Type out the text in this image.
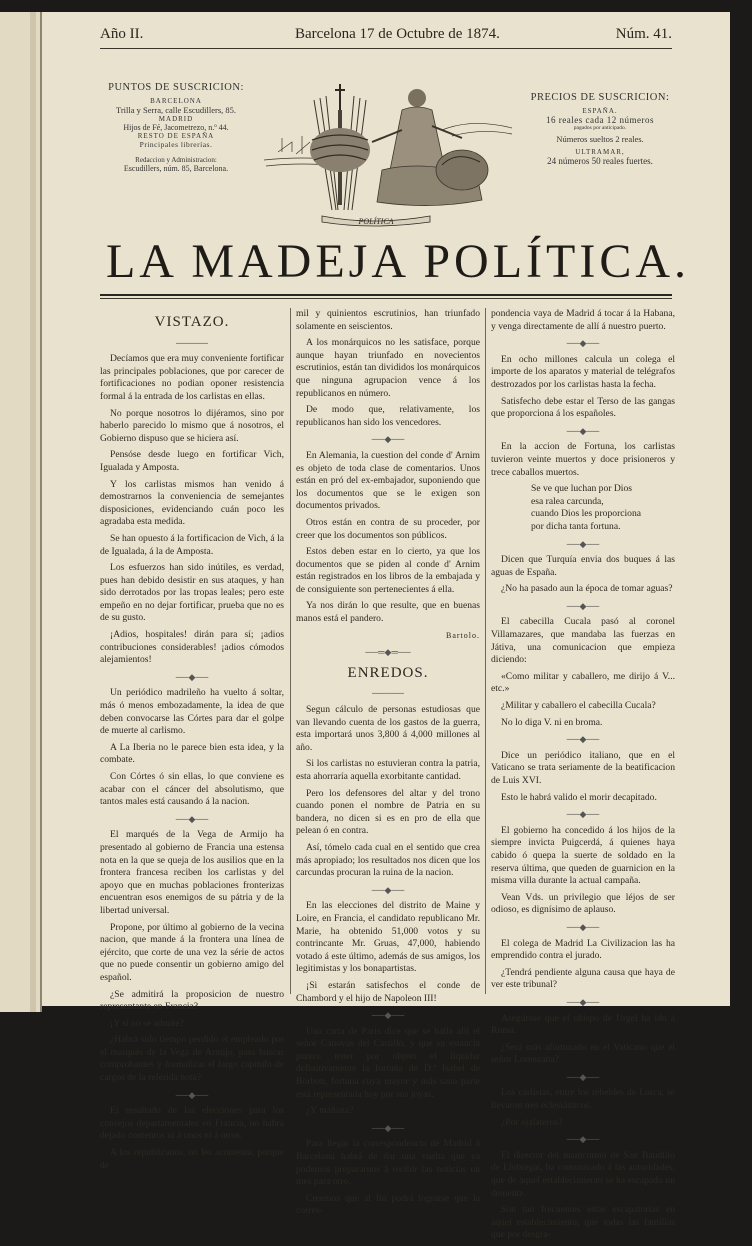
Año II.	Barcelona 17 de Octubre de 1874.	Núm. 41.
PUNTOS DE SUSCRICION:
BARCELONA
Trilla y Serra, calle Escudillers, 85.
MADRID
Hijos de Fé, Jacometrezo, n.º 44.
RESTO DE ESPAÑA
Principales librerías.
Redaccion y Administracion:
Escudillers, núm. 85, Barcelona.
POLÍTICA
PRECIOS DE SUSCRICION:
ESPAÑA.
16 reales cada 12 números
pagados por anticipado.
Números sueltos 2 reales.
ULTRAMAR,
24 números 50 reales fuertes.
LA MADEJA POLÍTICA.
VISTAZO.
─────

Decíamos que era muy conveniente fortificar las principales poblaciones, que por carecer de fortificaciones no podian oponer resistencia formal á la entrada de los carlistas en ellas.

No porque nosotros lo dijéramos, sino por haberlo parecido lo mismo que á nosotros, el Gobierno dispuso que se hiciera así.

Pensóse desde luego en fortificar Vich, Igualada y Amposta.

Y los carlistas mismos han venido á demostrarnos la conveniencia de semejantes disposiciones, evidenciando cuán poco les agradaba esta medida.

Se han opuesto á la fortificacion de Vich, á la de Igualada, á la de Amposta.

Los esfuerzos han sido inútiles, es verdad, pues han debido desistir en sus ataques, y han sido derrotados por las tropas leales; pero este empeño en no dejar fortificar, prueba que no es de su gusto.

¡Adios, hospitales! dirán para sí; ¡adios contribuciones considerables! ¡adios cómodos alejamientos!

──◆──

Un periódico madrileño ha vuelto á soltar, más ó menos embozadamente, la idea de que deben convocarse las Córtes para dar el golpe de muerte al carlismo.

A La Iberia no le parece bien esta idea, y la combate.

Con Córtes ó sin ellas, lo que conviene es acabar con el cáncer del absolutismo, que tantos males está causando á la nacion.

──◆──

El marqués de la Vega de Armijo ha presentado al gobierno de Francia una estensa nota en la que se queja de los ausilios que en la frontera francesa reciben los carlistas y del apoyo que en muchas poblaciones fronterizas encuentran esos enemigos de su pátria y de la libertad universal.

Propone, por último al gobierno de la vecina nacion, que mande á la frontera una línea de ejército, que corte de una vez la série de actos que no puede consentir un gobierno amigo del español.

¿Se admitirá la proposicion de nuestro representante en Francia?

¡Y si no se admite?

¿Habrá sido tiempo perdido el empleado por el marqués de la Vega de Armijo, para buscar comprobantes y formalizar el largo capítulo de cargos de la referida nota?

──◆──

El resultado de las elecciones para los consejos departamentales en Francia, no habrá dejado contentos ni á unos ni á otros.

A los republicanos, no les acontenta, porque de

mil y quinientos escrutinios, han triunfado solamente en seiscientos.

A los monárquicos no les satisface, porque aunque hayan triunfado en novecientos escrutinios, están tan divididos los monárquicos que ninguna agrupacion vence á los republicanos en número.

De modo que, relativamente, los republicanos han sido los vencedores.

──◆──

En Alemania, la cuestion del conde d' Arnim es objeto de toda clase de comentarios. Unos están en pró del ex-embajador, suponiendo que los documentos que se le exigen son documentos privados.

Otros están en contra de su proceder, por creer que los documentos son públicos.

Estos deben estar en lo cierto, ya que los documentos que se piden al conde d' Arnim están registrados en los libros de la embajada y de consiguiente son pertenecientes á ella.

Ya nos dirán lo que resulte, que en buenas manos está el pandero.

Bartolo.

──═◆═──
ENREDOS.
─────

Segun cálculo de personas estudiosas que van llevando cuenta de los gastos de la guerra, esta importará unos 3,800 á 4,000 millones al año.

Si los carlistas no estuvieran contra la patria, esta ahorraría aquella exorbitante cantidad.

Pero los defensores del altar y del trono cuando ponen el nombre de Patria en su bandera, no dicen si es en pro de ella que pelean ó en contra.

Así, tómelo cada cual en el sentido que crea más apropiado; los resultados nos dicen que los carcundas procuran la ruina de la nacion.

──◆──

En las elecciones del distrito de Maine y Loire, en Francia, el candidato republicano Mr. Marie, ha obtenido 51,000 votos y su contrincante Mr. Gruas, 47,000, habiendo votado á este último, además de sus amigos, los legitimistas y los bonapartistas.

¡Si estarán satisfechos el conde de Chambord y el hijo de Napoleon III!

──◆──

Una carta de Paris dice que se halla allí el señor Cánovas del Castillo, y que su estancia parece tener por objeto el liquidar definitivamente la fortuna de D.ª Isabel de Borbon, fortuna cuya mayor y más sana parte está representada hoy por sus joyas.

¿Y mañana?

──◆──

Para llegar la correspondencia de Madrid á Barcelona habrá de dar una vuelta que ya podemos prepararnos á recibir las noticias un mes para otro.

Creemos que al fin podrá lograrse que la corres-

pondencia vaya de Madrid á tocar á la Habana, y venga directamente de allí á nuestro puerto.

──◆──

En ocho millones calcula un colega el importe de los aparatos y material de telégrafos destrozados por los carlistas hasta la fecha.

Satisfecho debe estar el Terso de las gangas que proporciona á los españoles.

──◆──

En la accion de Fortuna, los carlistas tuvieron veinte muertos y doce prisioneros y trece caballos muertos.

Se ve que luchan por Dios

esa ralea carcunda,

cuando Dios les proporciona

por dicha tanta fortuna.

──◆──

Dicen que Turquía envia dos buques á las aguas de España.

¿No ha pasado aun la época de tomar aguas?

──◆──

El cabecilla Cucala pasó al coronel Villamazares, que mandaba las fuerzas en Játiva, una comunicacion que empieza diciendo:

«Como militar y caballero, me dirijo á V... etc.»

¿Militar y caballero el cabecilla Cucala?

No lo diga V. ni en broma.

──◆──

Dice un periódico italiano, que en el Vaticano se trata seriamente de la beatificacion de Luis XVI.

Esto le habrá valido el morir decapitado.

──◆──

El gobierno ha concedido á los hijos de la siempre invicta Puigcerdá, á quienes haya cabido ó quepa la suerte de soldado en la reserva última, que queden de guarnicion en la misma villa durante la actual campaña.

Vean Vds. un privilegio que léjos de ser odioso, es dignísimo de aplauso.

──◆──

El colega de Madrid La Civilizacion las ha emprendido contra el jurado.

¿Tendrá pendiente alguna causa que haya de ver este tribunal?

──◆──

Asegúrase que el obispo de Urgel ha ido á Roma.

¿Será más afortunado en el Vaticano que el señor Lorenzana?

──◆──

Los carlistas, entre los rebeldes de Lorca, se llevaron tres eclesiásticos.

¿Por ojalateros?

──◆──

El director del manicomio de San Baudilio de Llobregat, ha comunicado á las autoridades, que de aquel establecimiento se ha escapado un demente.

Son tan frecuentes estas escapatorias en aquel establecimiento, que todas las familias que por desgra-
